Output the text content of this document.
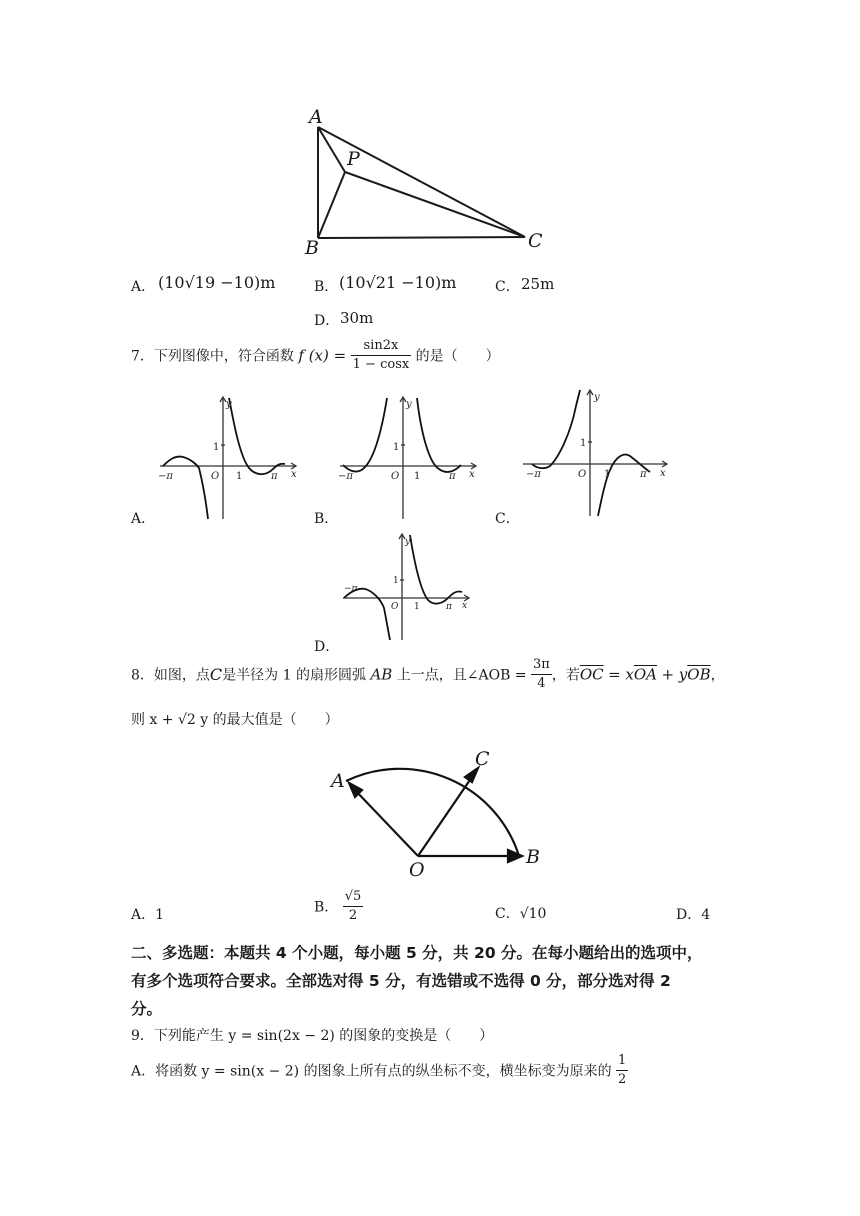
A
P
B	C
A． (10√19 −10)m	B． (10√21 −10)m	C． 25m
D． 30m
7．下列图像中，符合函数 f $(x) = \frac{\sin 2x}{1 - \cos x}$ 的是（　　）
y
x
O
1
1	π
−π
A．
y
x
O
1
1	π
−π
B．
y
x
O
1
1	π
−π
C．
y
x
O
1
1	π
−π
D．
8．如图，点C是半径为 1 的扇形圆弧 AB 上一点，且∠AOB = $\frac{3\pi}{4}$ ，若$\overline{OC} = x\overline{OA} + y\overline{OB}$，
则 x + √2 y 的最大值是（　　）
A
C
O
B
A．1	B． $\frac{√5}{2}$	C．√10	D．4
二、多选题：本题共 4 个小题，每小题 5 分，共 20 分。在每小题给出的选项中，
有多个选项符合要求。全部选对得 5 分，有选错或不选得 0 分，部分选对得 2
分。
9．下列能产生 y = sin(2x − 2) 的图象的变换是（　　）
A．将函数 y = sin(x − 2) 的图象上所有点的纵坐标不变，横坐标变为原来的 $\frac{1}{2}$
